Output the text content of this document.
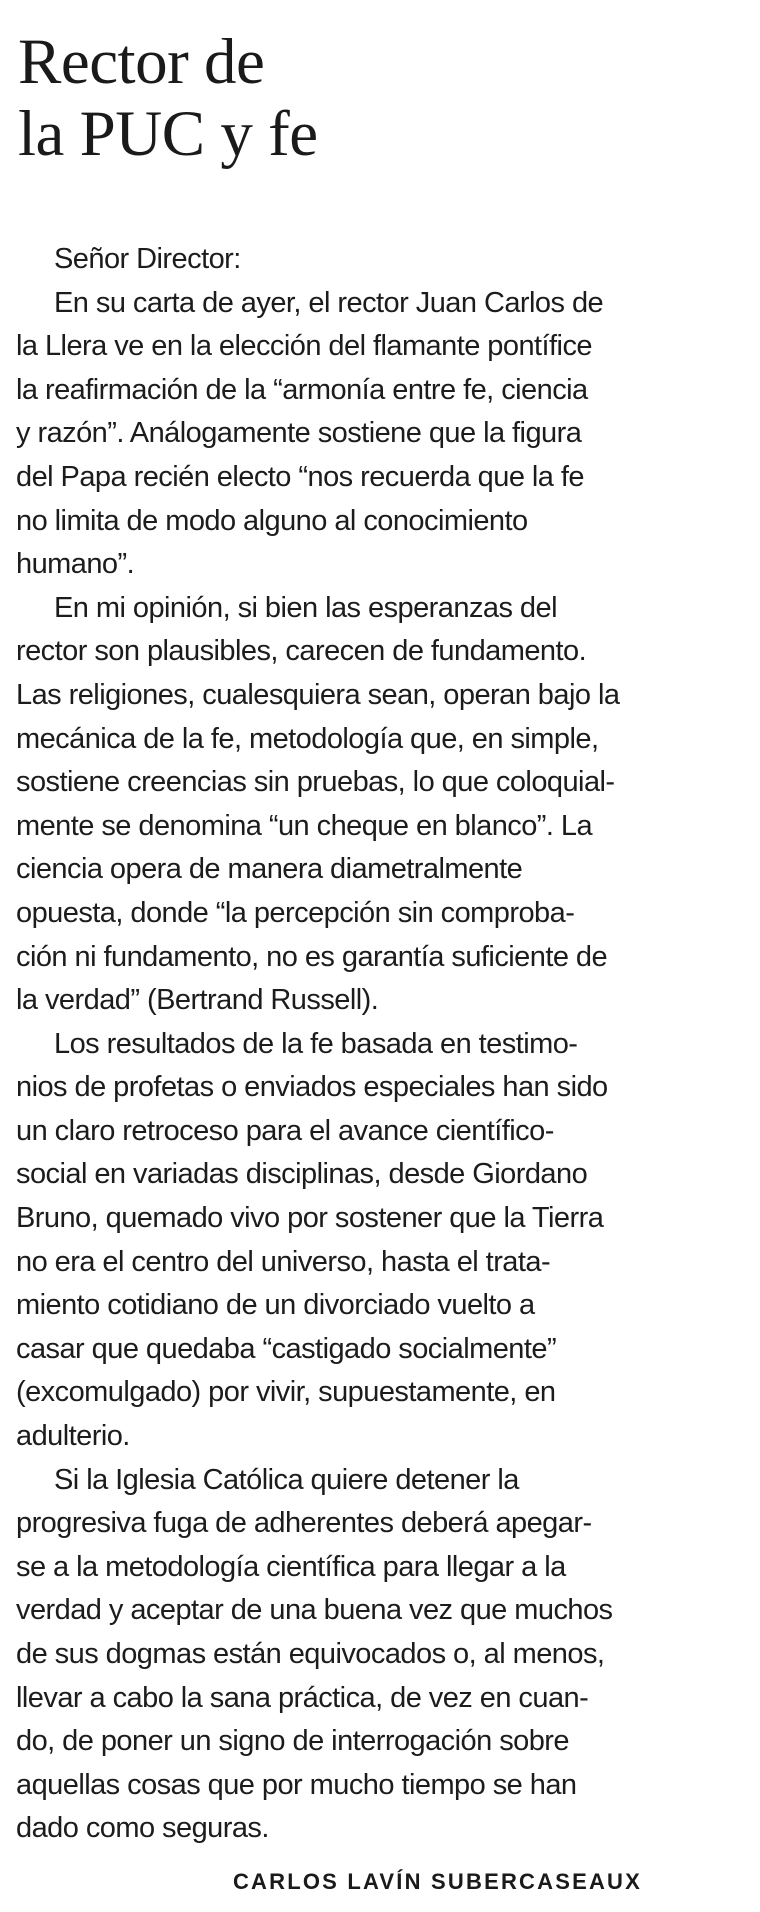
Rector de
la PUC y fe

Señor Director:

En su carta de ayer, el rector Juan Carlos de
la Llera ve en la elección del flamante pontífice
la reafirmación de la “armonía entre fe, ciencia
y razón”. Análogamente sostiene que la figura
del Papa recién electo “nos recuerda que la fe
no limita de modo alguno al conocimiento
humano”.

En mi opinión, si bien las esperanzas del
rector son plausibles, carecen de fundamento.
Las religiones, cualesquiera sean, operan bajo la
mecánica de la fe, metodología que, en simple,
sostiene creencias sin pruebas, lo que coloquial-
mente se denomina “un cheque en blanco”. La
ciencia opera de manera diametralmente
opuesta, donde “la percepción sin comproba-
ción ni fundamento, no es garantía suficiente de
la verdad” (Bertrand Russell).

Los resultados de la fe basada en testimo-
nios de profetas o enviados especiales han sido
un claro retroceso para el avance científico-
social en variadas disciplinas, desde Giordano
Bruno, quemado vivo por sostener que la Tierra
no era el centro del universo, hasta el trata-
miento cotidiano de un divorciado vuelto a
casar que quedaba “castigado socialmente”
(excomulgado) por vivir, supuestamente, en
adulterio.

Si la Iglesia Católica quiere detener la
progresiva fuga de adherentes deberá apegar-
se a la metodología científica para llegar a la
verdad y aceptar de una buena vez que muchos
de sus dogmas están equivocados o, al menos,
llevar a cabo la sana práctica, de vez en cuan-
do, de poner un signo de interrogación sobre
aquellas cosas que por mucho tiempo se han
dado como seguras.

CARLOS LAVÍN SUBERCASEAUX
